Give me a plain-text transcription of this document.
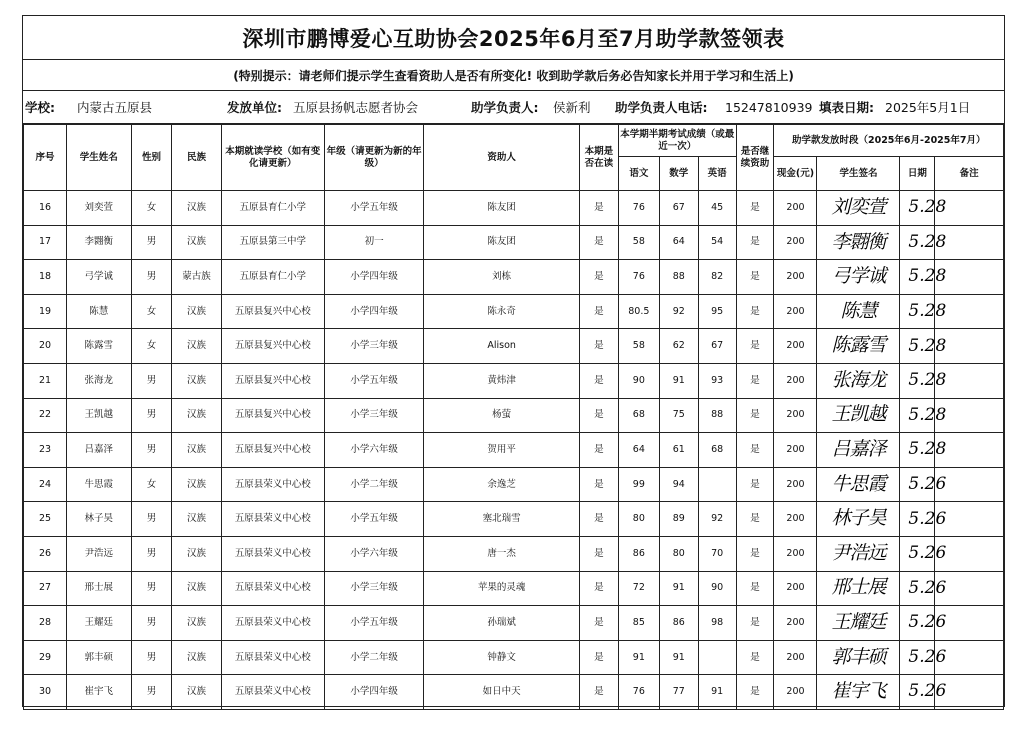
深圳市鹏博爱心互助协会2025年6月至7月助学款签领表
(特别提示：请老师们提示学生查看资助人是否有所变化! 收到助学款后务必告知家长并用于学习和生活上)
学校:	内蒙古五原县	发放单位: 五原县扬帆志愿者协会	助学负责人:	侯新利	助学负责人电话:	15247810939 填表日期: 2025年5月1日
序号	学生姓名	性别	民族	本期就读学校（如有变化请更新）	年级（请更新为新的年级）	资助人	本期是否在读	本学期半期考试成绩（或最近一次）			是否继续资助	助学款发放时段（2025年6月-2025年7月）			
								语文	数学	英语		现金(元)	学生签名	日期	备注
16	刘奕萱	女	汉族	五原县育仁小学	小学五年级	陈友团	是	76	67	45	是	200	刘奕萱	5.28	
17	李翾衡	男	汉族	五原县第三中学	初一	陈友团	是	58	64	54	是	200	李翾衡	5.28	
18	弓学诚	男	蒙古族	五原县育仁小学	小学四年级	刘栋	是	76	88	82	是	200	弓学诚	5.28	
19	陈慧	女	汉族	五原县复兴中心校	小学四年级	陈永奇	是	80.5	92	95	是	200	陈慧	5.28	
20	陈露雪	女	汉族	五原县复兴中心校	小学三年级	Alison	是	58	62	67	是	200	陈露雪	5.28	
21	张海龙	男	汉族	五原县复兴中心校	小学五年级	黄炜津	是	90	91	93	是	200	张海龙	5.28	
22	王凯越	男	汉族	五原县复兴中心校	小学三年级	杨萤	是	68	75	88	是	200	王凯越	5.28	
23	吕嘉泽	男	汉族	五原县复兴中心校	小学六年级	贺用平	是	64	61	68	是	200	吕嘉泽	5.28	
24	牛思霞	女	汉族	五原县荣义中心校	小学二年级	余逸芝	是	99	94		是	200	牛思霞	5.26	
25	林子昊	男	汉族	五原县荣义中心校	小学五年级	塞北瑞雪	是	80	89	92	是	200	林子昊	5.26	
26	尹浩远	男	汉族	五原县荣义中心校	小学六年级	唐一杰	是	86	80	70	是	200	尹浩远	5.26	
27	邢士展	男	汉族	五原县荣义中心校	小学三年级	苹果的灵魂	是	72	91	90	是	200	邢士展	5.26	
28	王耀廷	男	汉族	五原县荣义中心校	小学五年级	孙瑞斌	是	85	86	98	是	200	王耀廷	5.26	
29	郭丰硕	男	汉族	五原县荣义中心校	小学二年级	钟静文	是	91	91		是	200	郭丰硕	5.26	
30	崔宇飞	男	汉族	五原县荣义中心校	小学四年级	如日中天	是	76	77	91	是	200	崔宇飞	5.26	
